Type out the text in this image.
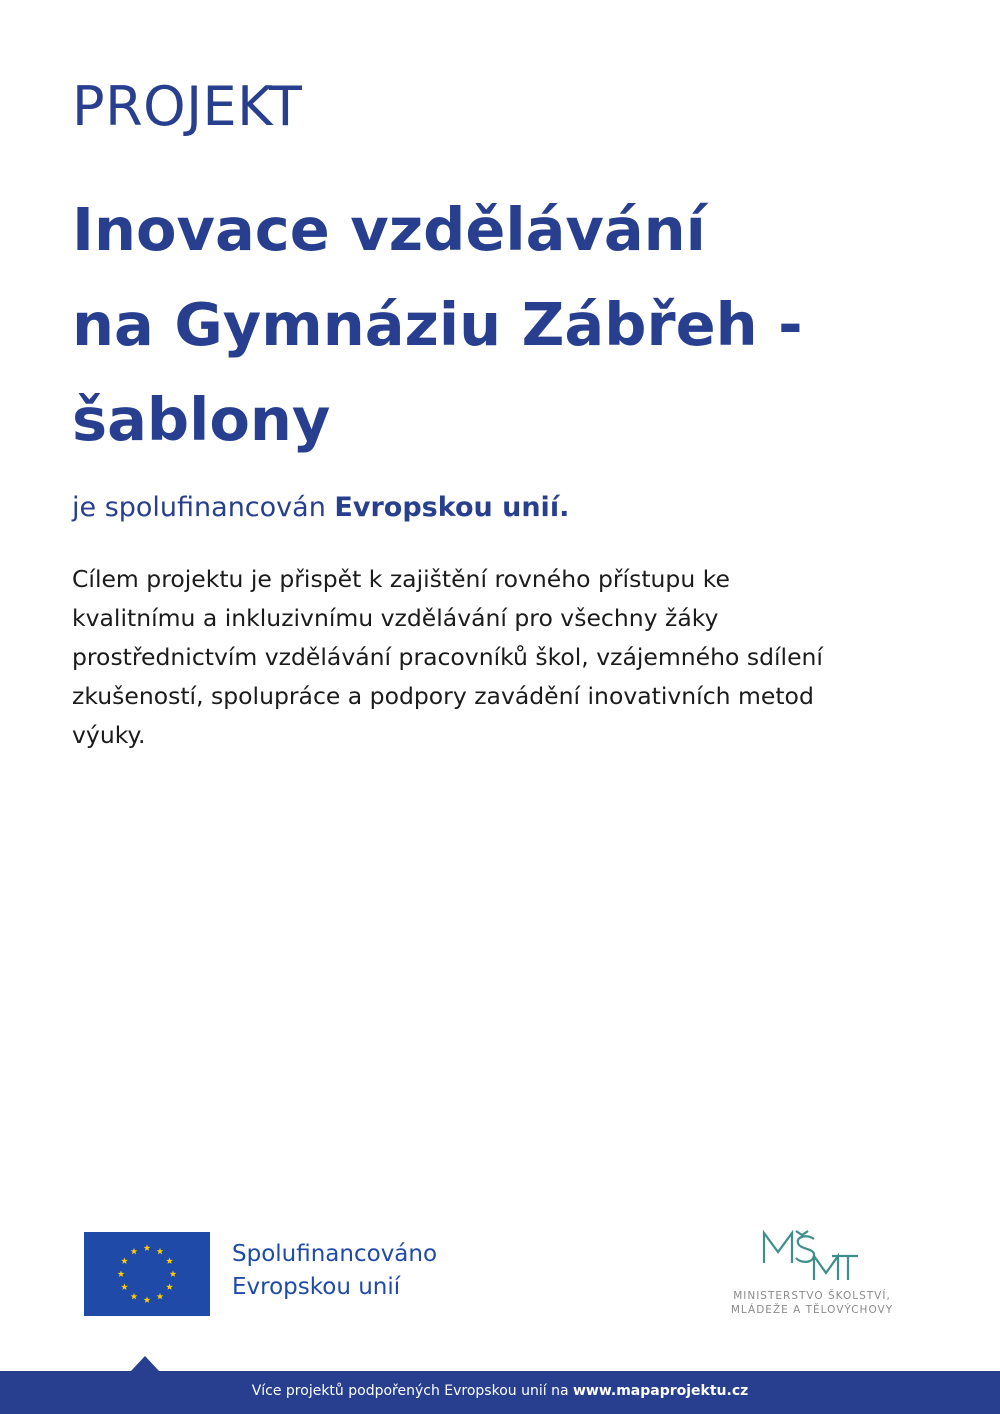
PROJEKT
Inovace vzdělávání
na Gymnáziu Zábřeh -
šablony
je spolufinancován Evropskou unií.
Cílem projektu je přispět k zajištění rovného přístupu ke
kvalitnímu a inkluzivnímu vzdělávání pro všechny žáky
prostřednictvím vzdělávání pracovníků škol, vzájemného sdílení
zkušeností, spolupráce a podpory zavádění inovativních metod
výuky.
Spolufinancováno
Evropskou unií	MINISTERSTVO ŠKOLSTVÍ,
MLÁDEŽE A TĚLOVÝCHOVY
Více projektů podpořených Evropskou unií na www.mapaprojektu.cz
